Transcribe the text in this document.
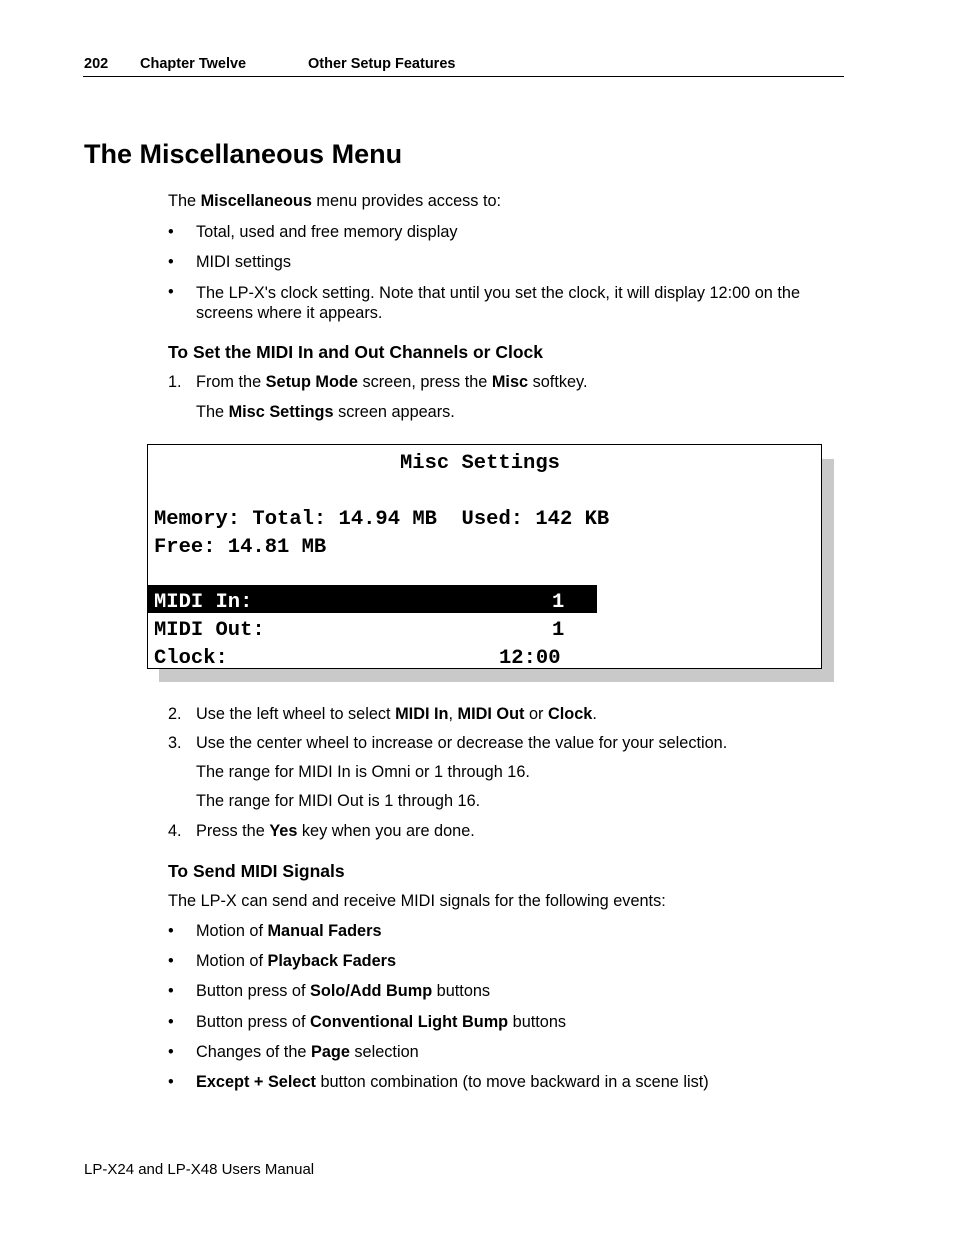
202 Chapter Twelve	Other Setup Features
The Miscellaneous Menu
The Miscellaneous menu provides access to:
• Total, used and free memory display
• MIDI settings
• The LP-X's clock setting. Note that until you set the clock, it will display 12:00 on the screens where it appears.
To Set the MIDI In and Out Channels or Clock
1. From the Setup Mode screen, press the Misc softkey.
The Misc Settings screen appears.
Misc Settings
Memory: Total: 14.94 MB  Used: 142 KB
Free: 14.81 MB
MIDI In:	1
MIDI Out:	1
Clock:	12:00
2. Use the left wheel to select MIDI In, MIDI Out or Clock.
3. Use the center wheel to increase or decrease the value for your selection.
The range for MIDI In is Omni or 1 through 16.
The range for MIDI Out is 1 through 16.
4. Press the Yes key when you are done.
To Send MIDI Signals
The LP-X can send and receive MIDI signals for the following events:
• Motion of Manual Faders
• Motion of Playback Faders
• Button press of Solo/Add Bump buttons
• Button press of Conventional Light Bump buttons
• Changes of the Page selection
• Except + Select button combination (to move backward in a scene list)
LP-X24 and LP-X48 Users Manual
